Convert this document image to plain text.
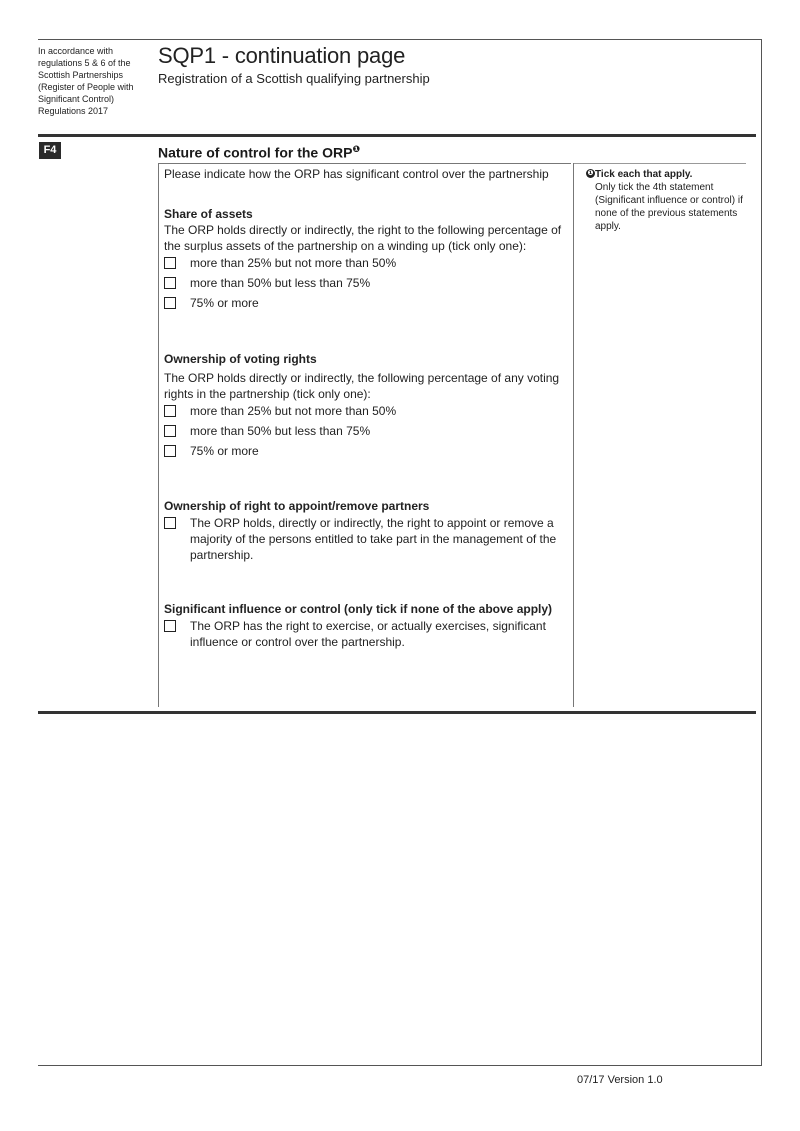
In accordance with regulations 5 & 6 of the Scottish Partnerships (Register of People with Significant Control) Regulations 2017
SQP1 - continuation page
Registration of a Scottish qualifying partnership
F4	Nature of control for the $ORP^❶$

Please indicate how the ORP has significant control over the partnership

Share of assets

The ORP holds directly or indirectly, the right to the following percentage of the surplus assets of the partnership on a winding up (tick only one):

more than 25% but not more than 50%
more than 50% but less than 75%
75% or more

Ownership of voting rights

The ORP holds directly or indirectly, the following percentage of any voting rights in the partnership (tick only one):

more than 25% but not more than 50%
more than 50% but less than 75%
75% or more

Ownership of right to appoint/remove partners

The ORP holds, directly or indirectly, the right to appoint or remove a majority of the persons entitled to take part in the management of the partnership.

Significant influence or control (only tick if none of the above apply)

The ORP has the right to exercise, or actually exercises, significant influence or control over the partnership.
❶ Tick each that apply.
Only tick the 4th statement (Significant influence or control) if none of the previous statements apply.
07/17 Version 1.0
